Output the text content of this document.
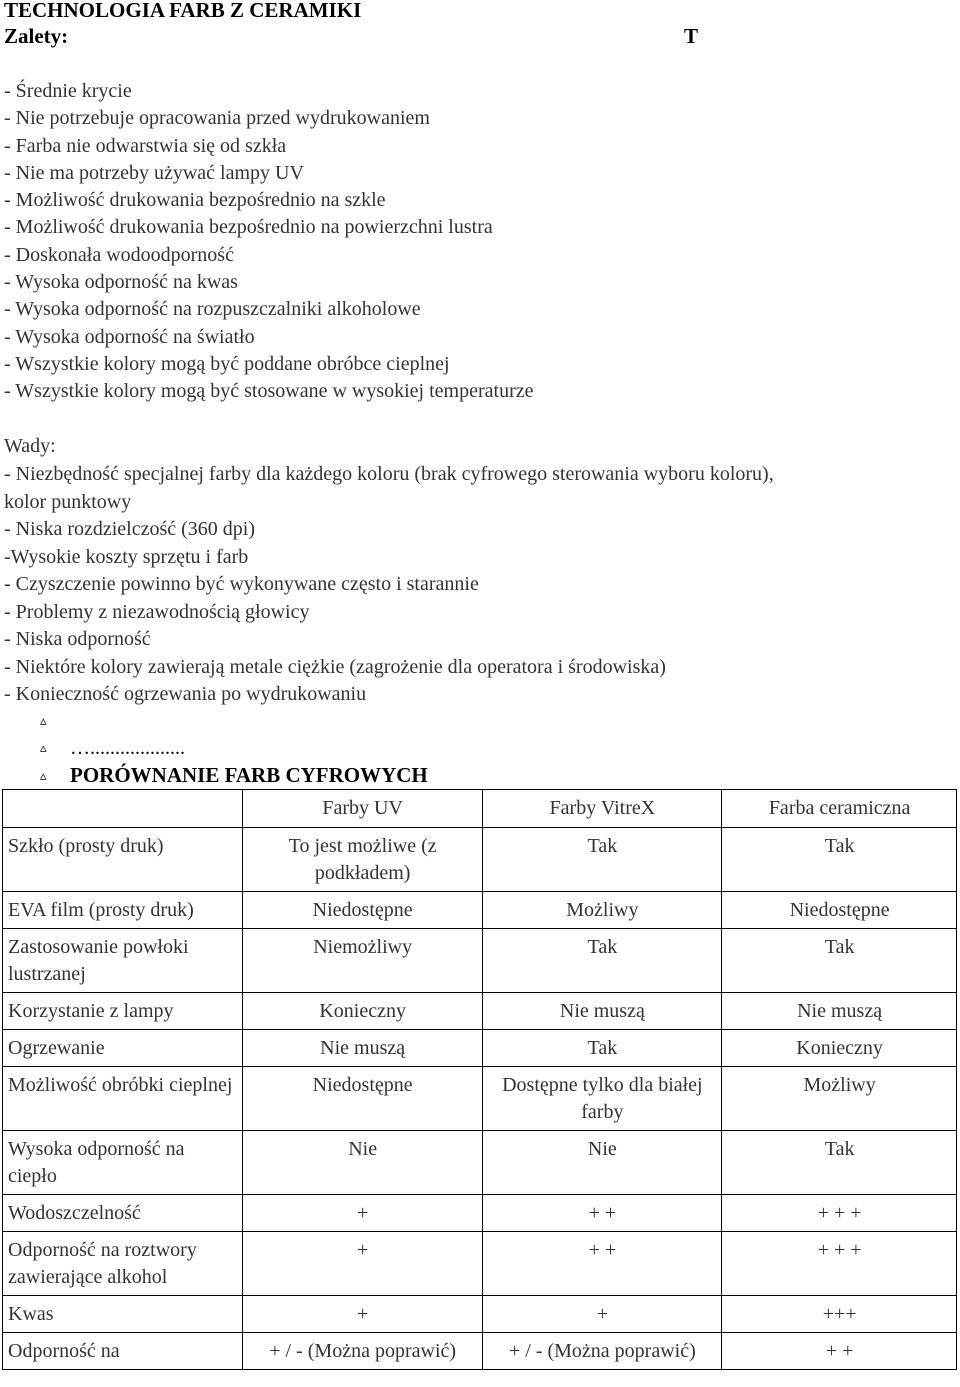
TECHNOLOGIA FARB Z CERAMIKI
Zalety:	T
- Średnie krycie
- Nie potrzebuje opracowania przed wydrukowaniem
- Farba nie odwarstwia się od szkła
- Nie ma potrzeby używać lampy UV
- Możliwość drukowania bezpośrednio na szkle
- Możliwość drukowania bezpośrednio na powierzchni lustra
- Doskonała wodoodporność
- Wysoka odporność na kwas
- Wysoka odporność na rozpuszczalniki alkoholowe
- Wysoka odporność na światło
- Wszystkie kolory mogą być poddane obróbce cieplnej
- Wszystkie kolory mogą być stosowane w wysokiej temperaturze
Wady:
- Niezbędność specjalnej farby dla każdego koloru (brak cyfrowego sterowania wyboru koloru),
kolor punktowy
- Niska rozdzielczość (360 dpi)
-Wysokie koszty sprzętu i farb
- Czyszczenie powinno być wykonywane często i starannie
- Problemy z niezawodnością głowicy
- Niska odporność
- Niektóre kolory zawierają metale ciężkie (zagrożenie dla operatora i środowiska)
- Konieczność ogrzewania po wydrukowaniu
▵
▵ …...................
▵ PORÓWNANIE FARB CYFROWYCH
	Farby UV	Farby VitreX	Farba ceramiczna
Szkło (prosty druk)	To jest możliwe (z podkładem)	Tak	Tak
EVA film (prosty druk)	Niedostępne	Możliwy	Niedostępne
Zastosowanie powłoki lustrzanej	Niemożliwy	Tak	Tak
Korzystanie z lampy	Konieczny	Nie muszą	Nie muszą
Ogrzewanie	Nie muszą	Tak	Konieczny
Możliwość obróbki cieplnej	Niedostępne	Dostępne tylko dla białej farby	Możliwy
Wysoka odporność na ciepło	Nie	Nie	Tak
Wodoszczelność	+	+ +	+ + +
Odporność na roztwory zawierające alkohol	+	+ +	+ + +
Kwas	+	+	+++
Odporność na	+ / - (Można poprawić)	+ / - (Można poprawić)	+ +
